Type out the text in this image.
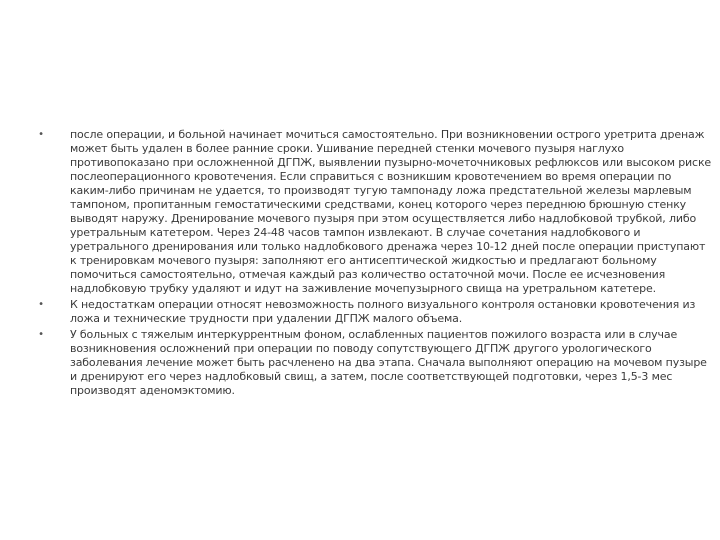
• после операции, и больной начинает мочиться самостоятельно. При возникновении острого уретрита дренаж может быть удален в более ранние сроки. Ушивание передней стенки мочевого пузыря наглухо противопоказано при осложненной ДГПЖ, выявлении пузырно-мочеточниковых рефлюксов или высоком риске послеоперационного кровотечения. Если справиться с возникшим кровотечением во время операции по каким-либо причинам не удается, то производят тугую тампонаду ложа предстательной железы марлевым тампоном, пропитанным гемостатическими средствами, конец которого через переднюю брюшную стенку выводят наружу. Дренирование мочевого пузыря при этом осуществляется либо надлобковой трубкой, либо уретральным катетером. Через 24-48 часов тампон извлекают. В случае сочетания надлобкового и уретрального дренирования или только надлобкового дренажа через 10-12 дней после операции приступают к тренировкам мочевого пузыря: заполняют его антисептической жидкостью и предлагают больному помочиться самостоятельно, отмечая каждый раз количество остаточной мочи. После ее исчезновения надлобковую трубку удаляют и идут на заживление мочепузырного свища на уретральном катетере.
• К недостаткам операции относят невозможность полного визуального контроля остановки кровотечения из ложа и технические трудности при удалении ДГПЖ малого объема.
• У больных с тяжелым интеркуррентным фоном, ослабленных пациентов пожилого возраста или в случае возникновения осложнений при операции по поводу сопутствующего ДГПЖ другого урологического заболевания лечение может быть расчленено на два этапа. Сначала выполняют операцию на мочевом пузыре и дренируют его через надлобковый свищ, а затем, после соответствующей подготовки, через 1,5-3 мес производят аденомэктомию.
